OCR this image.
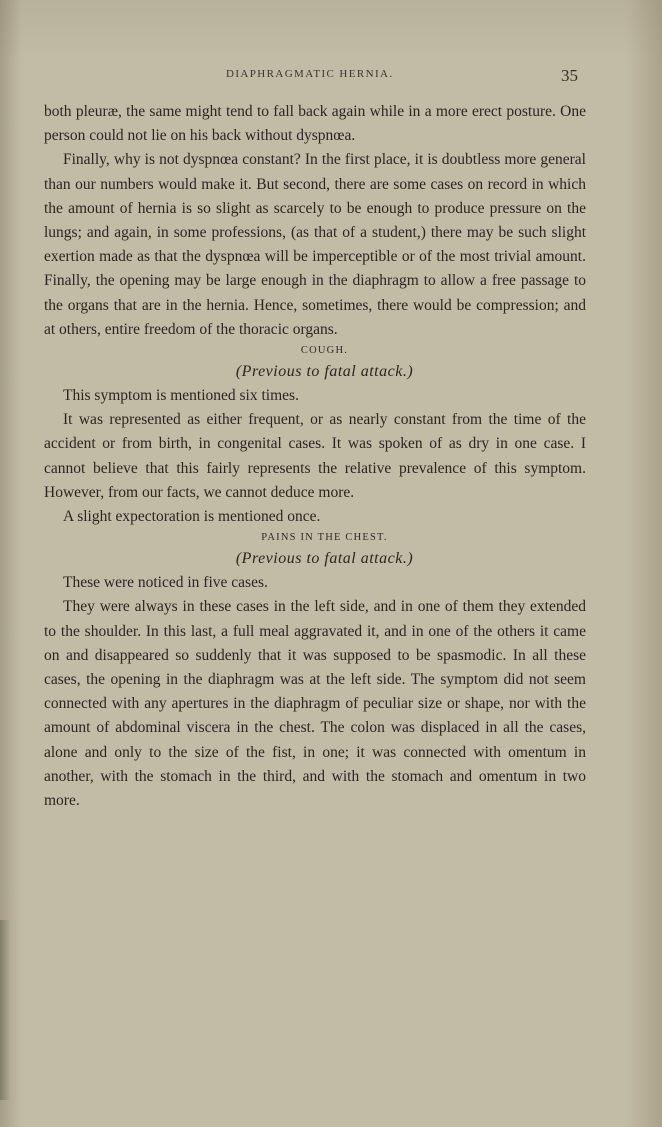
DIAPHRAGMATIC HERNIA.	35

both pleuræ, the same might tend to fall back again while in a more erect posture. One person could not lie on his back without dyspnœa.

Finally, why is not dyspnœa constant? In the first place, it is doubtless more general than our numbers would make it. But second, there are some cases on record in which the amount of hernia is so slight as scarcely to be enough to produce pressure on the lungs; and again, in some professions, (as that of a student,) there may be such slight exertion made as that the dyspnœa will be imperceptible or of the most trivial amount. Finally, the opening may be large enough in the diaphragm to allow a free passage to the organs that are in the hernia. Hence, sometimes, there would be compression; and at others, entire freedom of the thoracic organs.

COUGH.

(Previous to fatal attack.)

This symptom is mentioned six times.

It was represented as either frequent, or as nearly constant from the time of the accident or from birth, in congenital cases. It was spoken of as dry in one case. I cannot believe that this fairly represents the relative prevalence of this symptom. However, from our facts, we cannot deduce more.

A slight expectoration is mentioned once.

PAINS IN THE CHEST.

(Previous to fatal attack.)

These were noticed in five cases.

They were always in these cases in the left side, and in one of them they extended to the shoulder. In this last, a full meal aggravated it, and in one of the others it came on and disappeared so suddenly that it was supposed to be spasmodic. In all these cases, the opening in the diaphragm was at the left side. The symptom did not seem connected with any apertures in the diaphragm of peculiar size or shape, nor with the amount of abdominal viscera in the chest. The colon was displaced in all the cases, alone and only to the size of the fist, in one; it was connected with omentum in another, with the stomach in the third, and with the stomach and omentum in two more.
